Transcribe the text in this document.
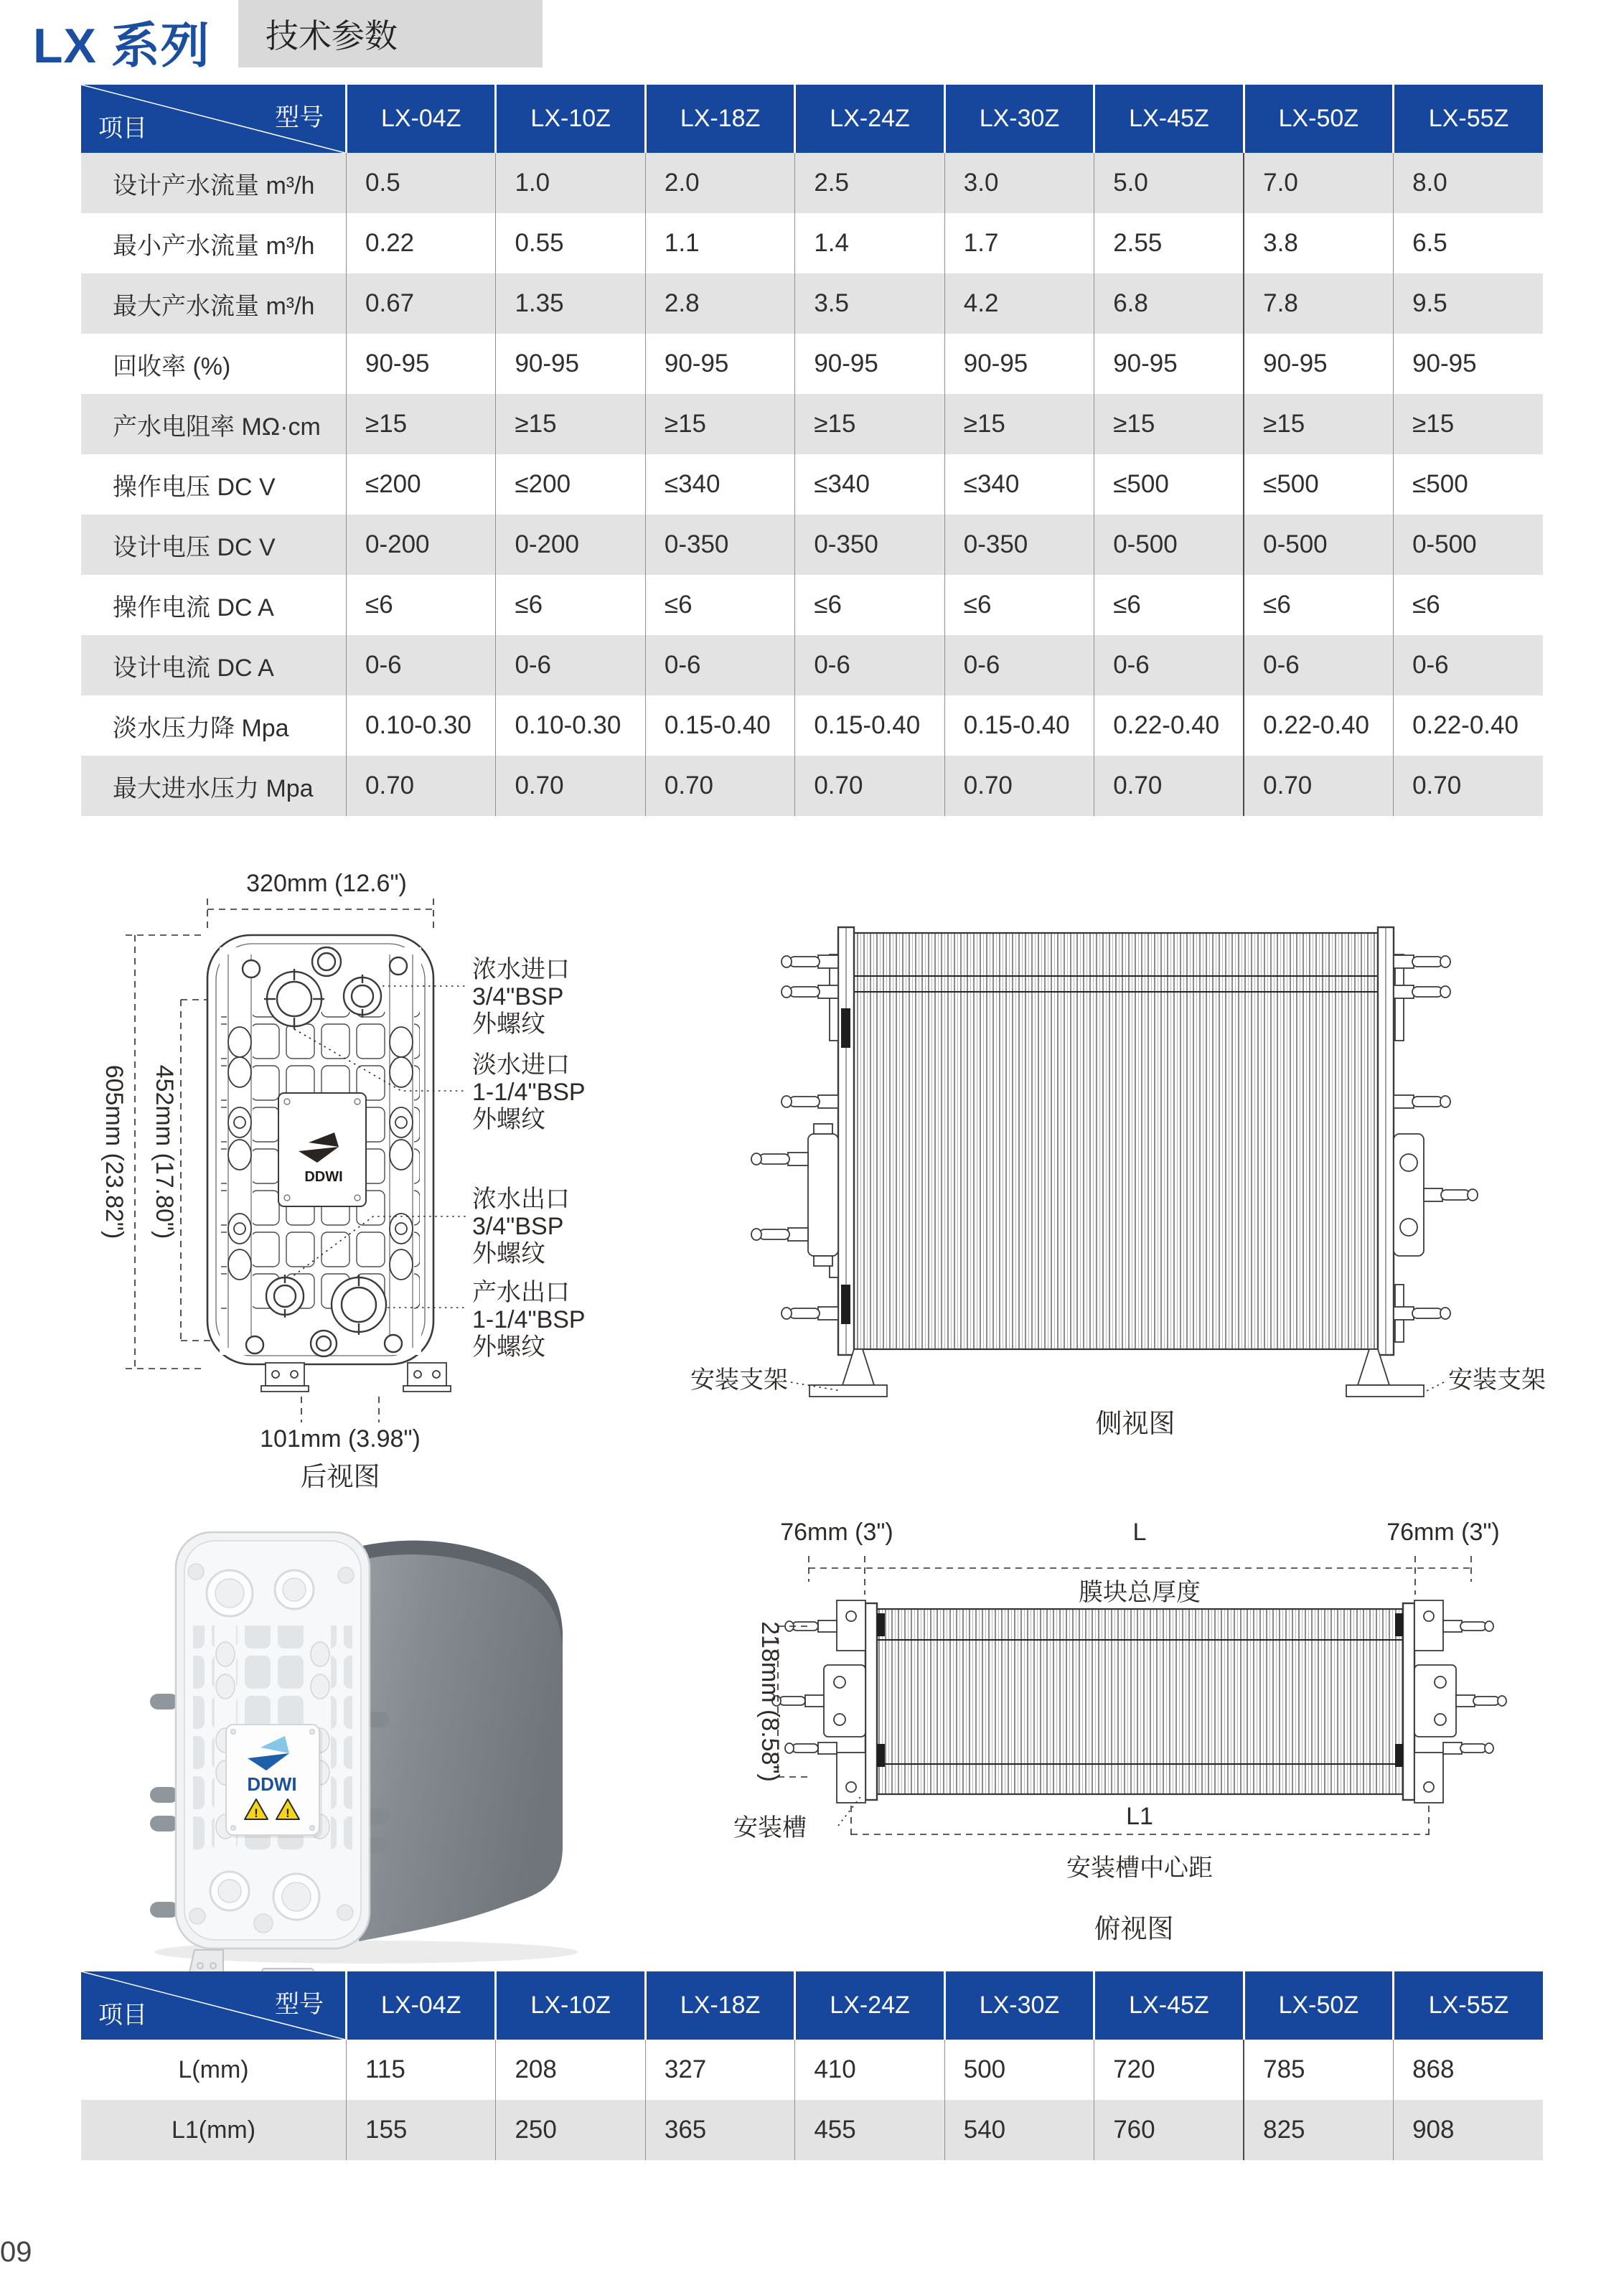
LX 系列 技术参数
型号
项目	LX-04Z	LX-10Z	LX-18Z	LX-24Z	LX-30Z	LX-45Z	LX-50Z	LX-55Z
设计产水流量 m³/h	0.5	1.0	2.0	2.5	3.0	5.0	7.0	8.0
最小产水流量 m³/h	0.22	0.55	1.1	1.4	1.7	2.55	3.8	6.5
最大产水流量 m³/h	0.67	1.35	2.8	3.5	4.2	6.8	7.8	9.5
回收率 (%)	90-95	90-95	90-95	90-95	90-95	90-95	90-95	90-95
产水电阻率 MΩ·cm	≥15	≥15	≥15	≥15	≥15	≥15	≥15	≥15
操作电压 DC V	≤200	≤200	≤340	≤340	≤340	≤500	≤500	≤500
设计电压 DC V	0-200	0-200	0-350	0-350	0-350	0-500	0-500	0-500
操作电流 DC A	≤6	≤6	≤6	≤6	≤6	≤6	≤6	≤6
设计电流 DC A	0-6	0-6	0-6	0-6	0-6	0-6	0-6	0-6
淡水压力降 Mpa	0.10-0.30	0.10-0.30	0.15-0.40	0.15-0.40	0.15-0.40	0.22-0.40	0.22-0.40	0.22-0.40
最大进水压力 Mpa	0.70	0.70	0.70	0.70	0.70	0.70	0.70	0.70
320mm (12.6")
605mm (23.82") 452mm (17.80")	DDWI
101mm (3.98")
后视图
浓水进口
3/4"BSP
外螺纹
淡水进口
1-1/4"BSP
外螺纹
浓水出口
3/4"BSP
外螺纹
产水出口
1-1/4"BSP
外螺纹
安装支架	安装支架
侧视图
DDWI
! !
76mm (3")	L	76mm (3")
膜块总厚度
218mm (8.58")
L1
安装槽中心距
安装槽
俯视图
型号
项目	LX-04Z	LX-10Z	LX-18Z	LX-24Z	LX-30Z	LX-45Z	LX-50Z	LX-55Z
L(mm)	115	208	327	410	500	720	785	868
L1(mm)	155	250	365	455	540	760	825	908
09
